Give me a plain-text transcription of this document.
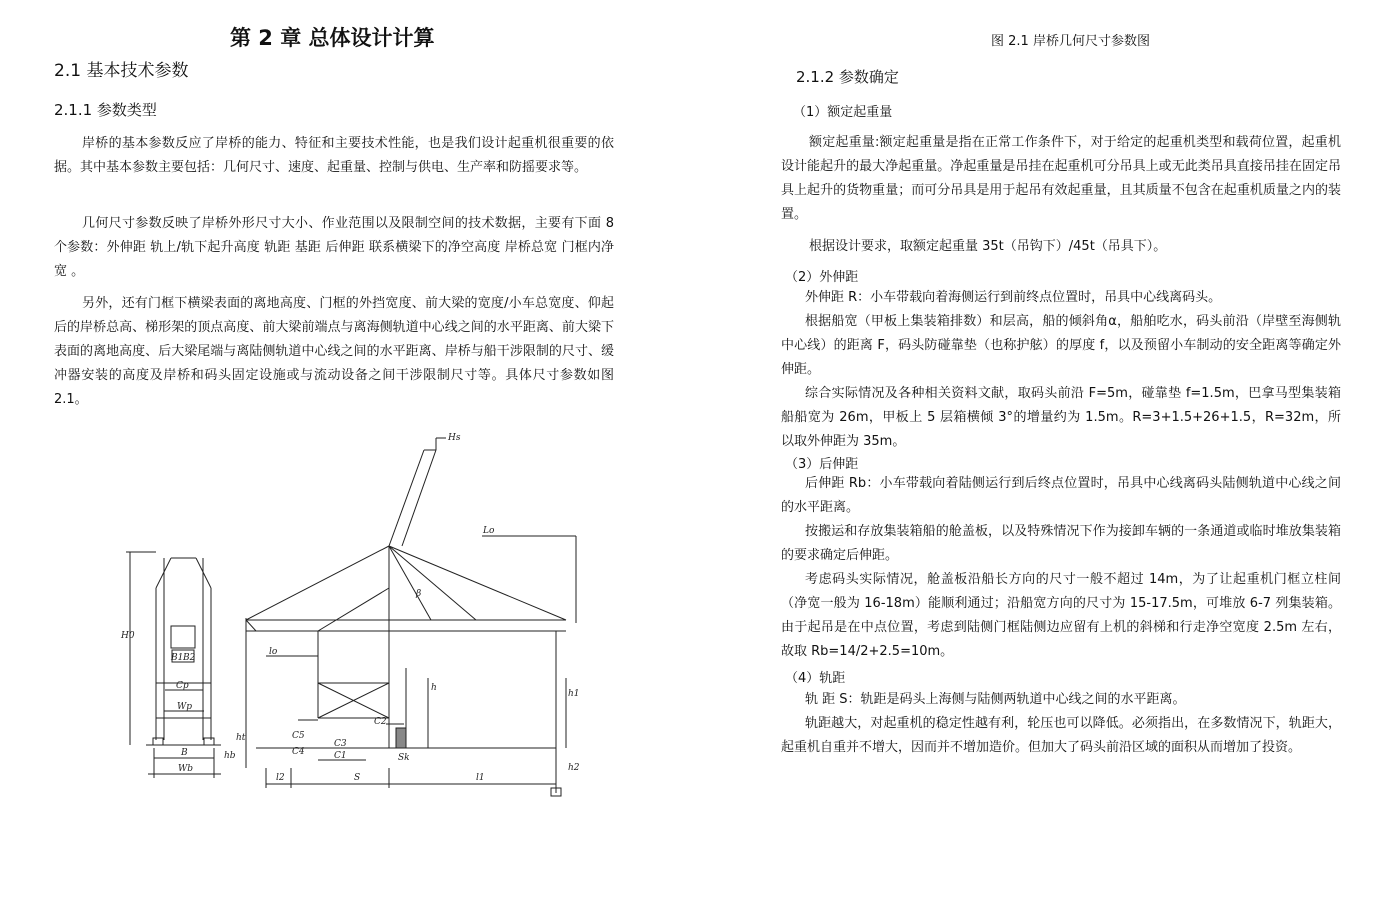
第 2 章 总体设计计算
2.1 基本技术参数
2.1.1 参数类型
岸桥的基本参数反应了岸桥的能力、特征和主要技术性能，也是我们设计起重机很重要的依据。其中基本参数主要包括：几何尺寸、速度、起重量、控制与供电、生产率和防摇要求等。
几何尺寸参数反映了岸桥外形尺寸大小、作业范围以及限制空间的技术数据，主要有下面 8 个参数：外伸距 轨上/轨下起升高度 轨距 基距 后伸距 联系横梁下的净空高度 岸桥总宽 门框内净宽 。
另外，还有门框下横梁表面的离地高度、门框的外挡宽度、前大梁的宽度/小车总宽度、仰起后的岸桥总高、梯形架的顶点高度、前大梁前端点与离海侧轨道中心线之间的水平距离、前大梁下表面的离地高度、后大梁尾端与离陆侧轨道中心线之间的水平距离、岸桥与船干涉限制的尺寸、缓冲器安装的高度及岸桥和码头固定设施或与流动设备之间干涉限制尺寸等。具体尺寸参数如图 2.1。
Hs
Lo
H0
β
B1 B2
Cp
Wp
B
Wb
h
h1
h2
lo
l1
l2	S
Sk
C1
C2
C3
C4
C5
ht
hb
图 2.1 岸桥几何尺寸参数图
2.1.2 参数确定
（1）额定起重量
额定起重量:额定起重量是指在正常工作条件下，对于给定的起重机类型和载荷位置，起重机设计能起升的最大净起重量。净起重量是吊挂在起重机可分吊具上或无此类吊具直接吊挂在固定吊具上起升的货物重量；而可分吊具是用于起吊有效起重量，且其质量不包含在起重机质量之内的装置。
根据设计要求，取额定起重量 35t（吊钩下）/45t（吊具下）。
（2）外伸距
外伸距 R：小车带载向着海侧运行到前终点位置时，吊具中心线离码头。
根据船宽（甲板上集装箱排数）和层高，船的倾斜角α，船舶吃水，码头前沿（岸壁至海侧轨中心线）的距离 F，码头防碰靠垫（也称护舷）的厚度 f，以及预留小车制动的安全距离等确定外伸距。
综合实际情况及各种相关资料文献，取码头前沿 F=5m，碰靠垫 f=1.5m，巴拿马型集装箱船船宽为 26m，甲板上 5 层箱横倾 3°的增量约为 1.5m。R=3+1.5+26+1.5，R=32m，所以取外伸距为 35m。
（3）后伸距
后伸距 Rb：小车带载向着陆侧运行到后终点位置时，吊具中心线离码头陆侧轨道中心线之间的水平距离。
按搬运和存放集装箱船的舱盖板，以及特殊情况下作为接卸车辆的一条通道或临时堆放集装箱的要求确定后伸距。
考虑码头实际情况，舱盖板沿船长方向的尺寸一般不超过 14m，为了让起重机门框立柱间（净宽一般为 16-18m）能顺利通过；沿船宽方向的尺寸为 15-17.5m，可堆放 6-7 列集装箱。由于起吊是在中点位置，考虑到陆侧门框陆侧边应留有上机的斜梯和行走净空宽度 2.5m 左右，故取 Rb=14/2+2.5=10m。
（4）轨距
轨 距 S：轨距是码头上海侧与陆侧两轨道中心线之间的水平距离。
轨距越大，对起重机的稳定性越有利，轮压也可以降低。必须指出，在多数情况下，轨距大，起重机自重并不增大，因而并不增加造价。但加大了码头前沿区域的面积从而增加了投资。
